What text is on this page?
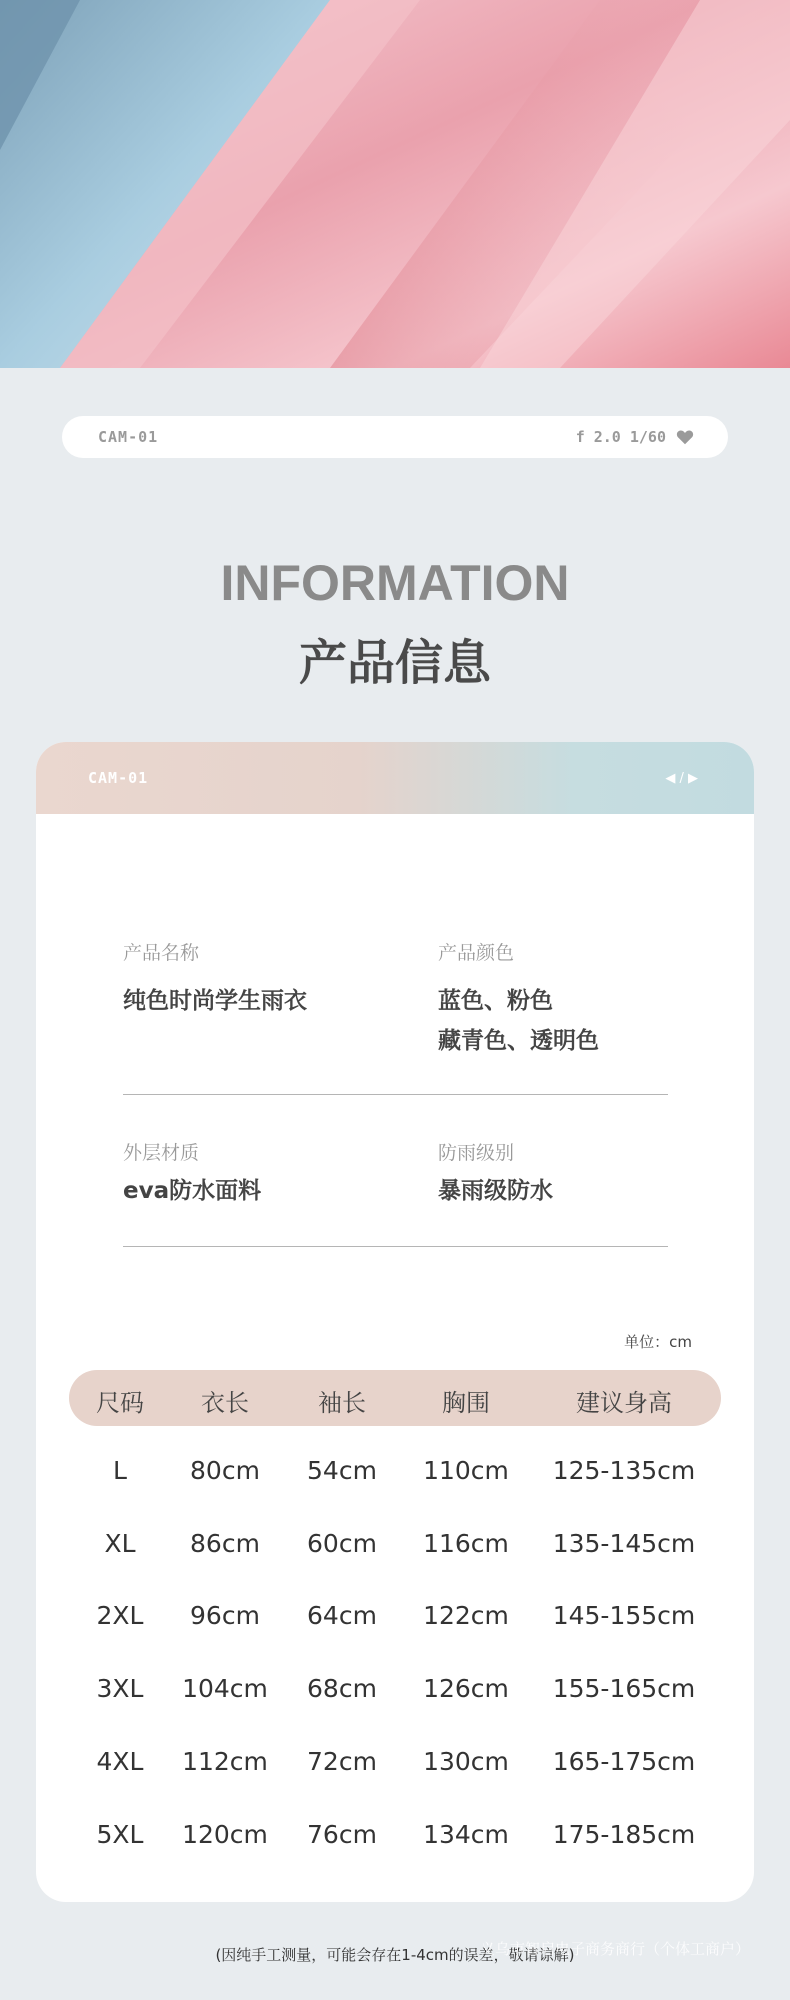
CAM-01	f 2.0 1/60
INFORMATION
产品信息
CAM-01	◀ / ▶
产品名称
纯色时尚学生雨衣
产品颜色
蓝色、粉色
藏青色、透明色
外层材质
eva防水面料
防雨级别
暴雨级防水
单位：cm
尺码	衣长	袖长	胸围	建议身高
L	80cm	54cm	110cm	125-135cm
XL	86cm	60cm	116cm	135-145cm
2XL	96cm	64cm	122cm	145-155cm
3XL	104cm	68cm	126cm	155-165cm
4XL	112cm	72cm	130cm	165-175cm
5XL	120cm	76cm	134cm	175-185cm
(因纯手工测量，可能会存在1-4cm的误差，敬请谅解)
义乌市智启电子商务商行（个体工商户）
